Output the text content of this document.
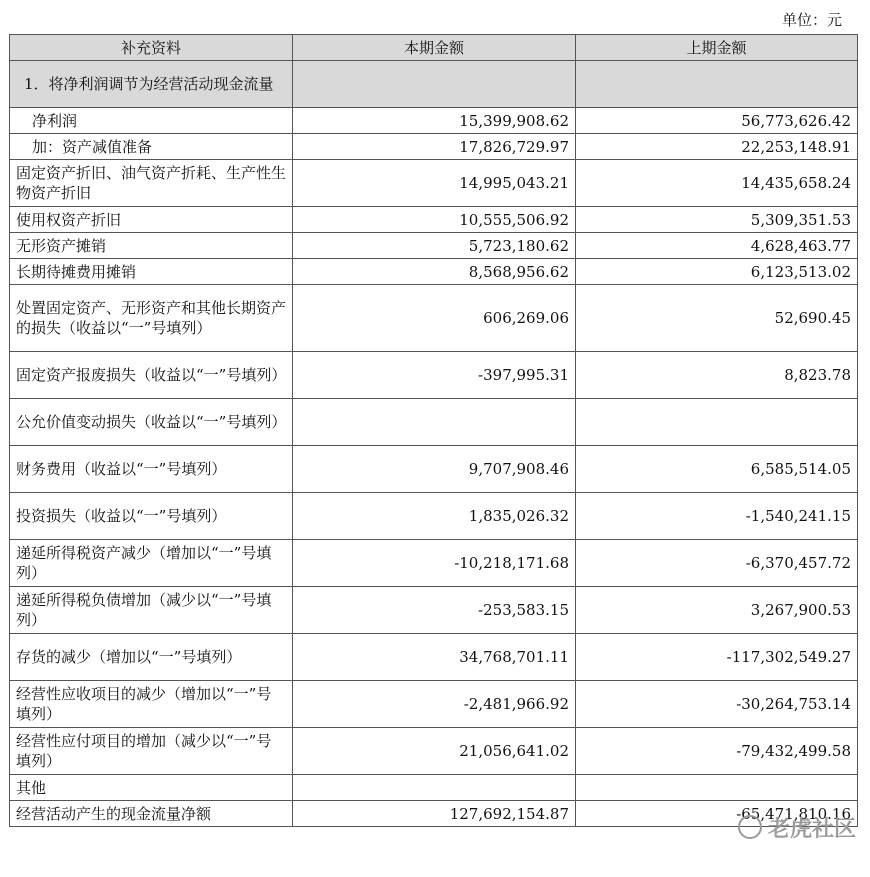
单位：元
补充资料	本期金额	上期金额
1．将净利润调节为经营活动现金流量		
净利润	15,399,908.62	56,773,626.42
加：资产减值准备	17,826,729.97	22,253,148.91
固定资产折旧、油气资产折耗、生产性生物资产折旧	14,995,043.21	14,435,658.24
使用权资产折旧	10,555,506.92	5,309,351.53
无形资产摊销	5,723,180.62	4,628,463.77
长期待摊费用摊销	8,568,956.62	6,123,513.02
处置固定资产、无形资产和其他长期资产的损失（收益以“一”号填列）	606,269.06	52,690.45
固定资产报废损失（收益以“一”号填列）	-397,995.31	8,823.78
公允价值变动损失（收益以“一”号填列）		
财务费用（收益以“一”号填列）	9,707,908.46	6,585,514.05
投资损失（收益以“一”号填列）	1,835,026.32	-1,540,241.15
递延所得税资产减少（增加以“一”号填列）	-10,218,171.68	-6,370,457.72
递延所得税负债增加（减少以“一”号填列）	-253,583.15	3,267,900.53
存货的减少（增加以“一”号填列）	34,768,701.11	-117,302,549.27
经营性应收项目的减少（增加以“一”号填列）	-2,481,966.92	-30,264,753.14
经营性应付项目的增加（减少以“一”号填列）	21,056,641.02	-79,432,499.58
其他		
经营活动产生的现金流量净额	127,692,154.87	-65,471,810.16
老虎社区
